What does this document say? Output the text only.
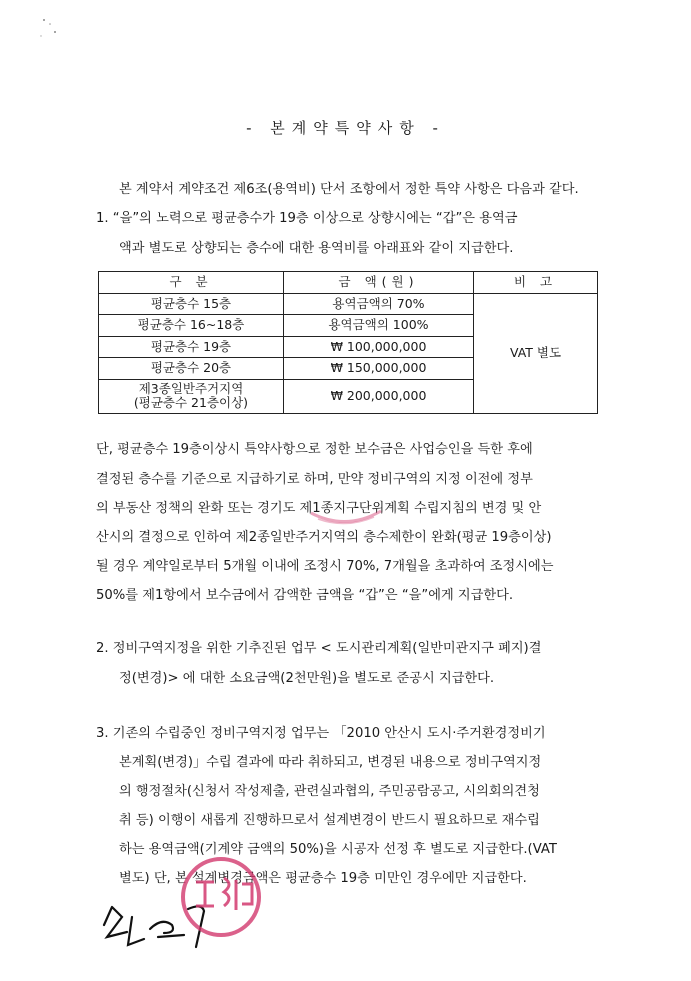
- 본계약특약사항 -
본 계약서 계약조건 제6조(용역비) 단서 조항에서 정한 특약 사항은 다음과 같다.
1. “을”의 노력으로 평균층수가 19층 이상으로 상향시에는 “갑”은 용역금
액과 별도로 상향되는 층수에 대한 용역비를 아래표와 같이 지급한다.
구 분	금 액(원)	비 고
평균층수 15층	용역금액의 70%	VAT 별도
평균층수 16~18층	용역금액의 100%	
평균층수 19층	₩ 100,000,000	
평균층수 20층	₩ 150,000,000	

제3종일반주거지역
(평균층수 21층이상)	₩ 200,000,000	
단, 평균층수 19층이상시 특약사항으로 정한 보수금은 사업승인을 득한 후에
결정된 층수를 기준으로 지급하기로 하며, 만약 정비구역의 지정 이전에 정부
의 부동산 정책의 완화 또는 경기도 제1종지구단위계획 수립지침의 변경 및 안
산시의 결정으로 인하여 제2종일반주거지역의 층수제한이 완화(평균 19층이상)
될 경우 계약일로부터 5개월 이내에 조정시 70%, 7개월을 초과하여 조정시에는
50%를 제1항에서 보수금에서 감액한 금액을 “갑”은 “을”에게 지급한다.
2. 정비구역지정을 위한 기추진된 업무 < 도시관리계획(일반미관지구 폐지)결
정(변경)> 에 대한 소요금액(2천만원)을 별도로 준공시 지급한다.
3. 기존의 수립중인 정비구역지정 업무는 「2010 안산시 도시·주거환경정비기
본계획(변경)」수립 결과에 따라 취하되고, 변경된 내용으로 정비구역지정
의 행정절차(신청서 작성제출, 관련실과협의, 주민공람공고, 시의회의견청
취 등) 이행이 새롭게 진행하므로서 설계변경이 반드시 필요하므로 재수립
하는 용역금액(기계약 금액의 50%)을 시공자 선정 후 별도로 지급한다.(VAT
별도) 단, 본 설계변경금액은 평균층수 19층 미만인 경우에만 지급한다.
